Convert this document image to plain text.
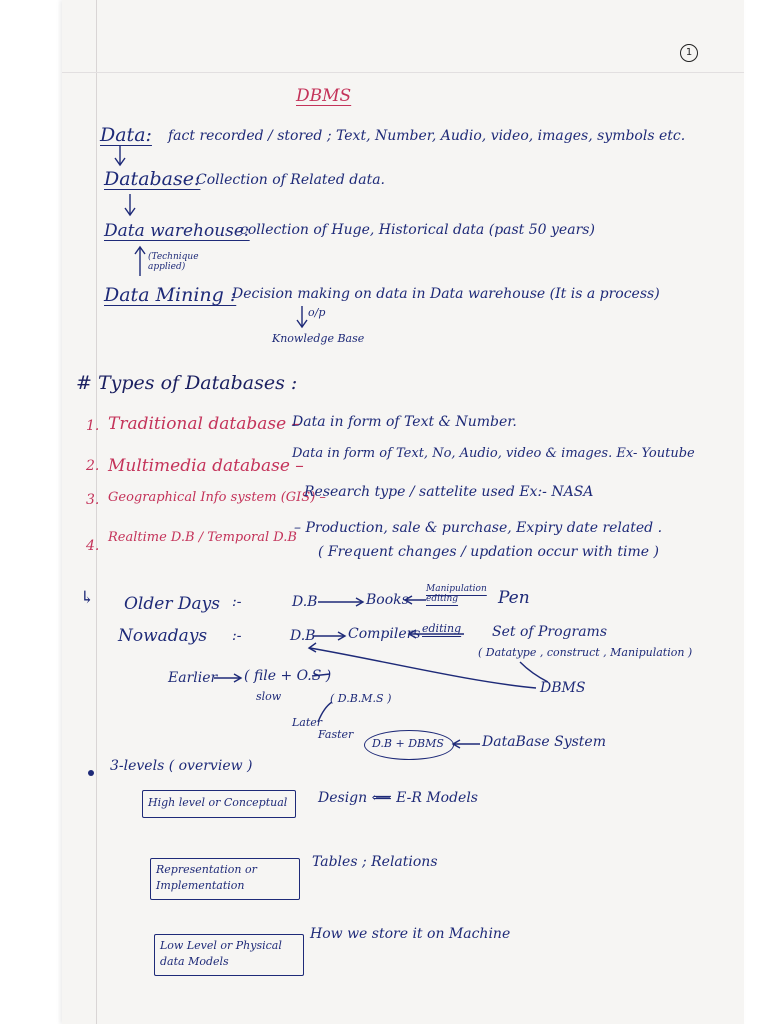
1
DBMS
Data: fact recorded / stored ; Text, Number, Audio, video, images, symbols etc.
Database:
Collection of Related data.
Data warehouse:
collection of Huge, Historical data (past 50 years)
(Technique applied)
Data Mining :
Decision making on data in Data warehouse (It is a process)
o/p
Knowledge Base
# Types of Databases :
1. Traditional database –
Data in form of Text & Number.
2. Multimedia database –
Data in form of Text, No, Audio, video & images. Ex- Youtube
3. Geographical Info system (GIS) –
Research type / sattelite used Ex:- NASA
4.
Realtime D.B / Temporal D.B
– Production, sale & purchase, Expiry date related .
( Frequent changes / updation occur with time )
↳ Older Days :-	D.B	Books
Manipulation editing	Pen
Nowadays :-	D.B Compilers editing Set of Programs
( Datatype , construct , Manipulation )
Earlier ( file + O.S )
slow
DBMS
Later
( D.B.M.S )
Faster
D.B + DBMS	DataBase System
3-levels ( overview )
High level or Conceptual Design ⟸ E-R Models
Representation or Implementation
Tables ; Relations
Low Level or Physical data Models
How we store it on Machine
